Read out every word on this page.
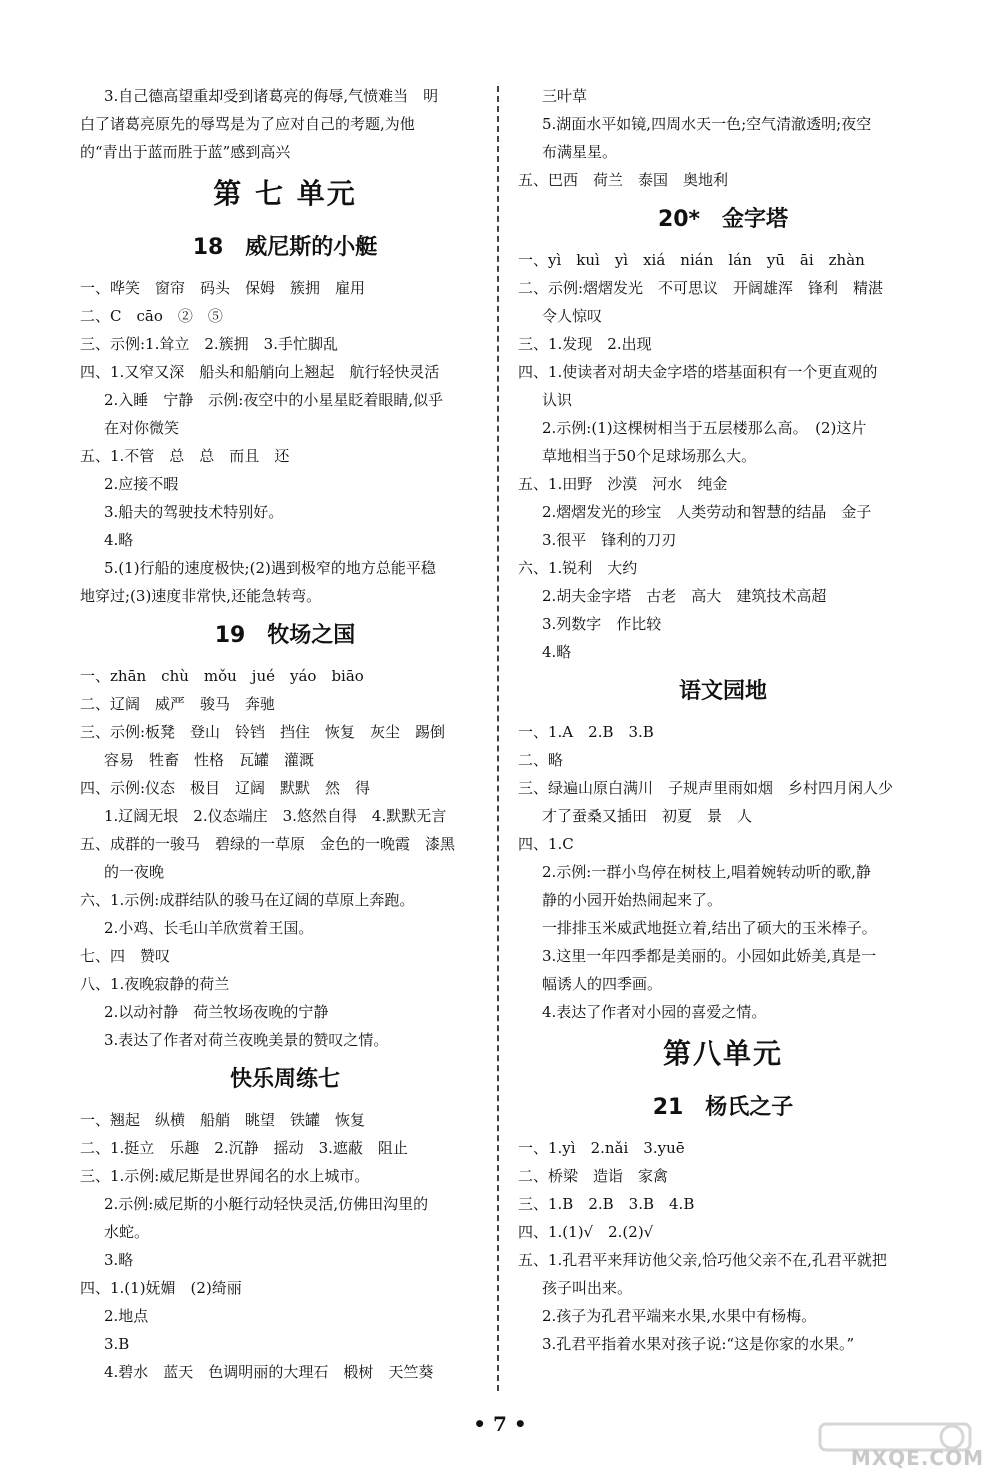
3.自己德高望重却受到诸葛亮的侮辱,气愤难当　明
白了诸葛亮原先的辱骂是为了应对自己的考题,为他
的“青出于蓝而胜于蓝”感到高兴
第 七 单元
18　威尼斯的小艇
一、哗笑　窗帘　码头　保姆　簇拥　雇用
二、C　cāo　②　⑤
三、示例:1.耸立　2.簇拥　3.手忙脚乱
四、1.又窄又深　船头和船艄向上翘起　航行轻快灵活
2.入睡　宁静　示例:夜空中的小星星眨着眼睛,似乎
在对你微笑
五、1.不管　总　总　而且　还
2.应接不暇
3.船夫的驾驶技术特别好。
4.略
5.(1)行船的速度极快;(2)遇到极窄的地方总能平稳
地穿过;(3)速度非常快,还能急转弯。
19　牧场之国
一、zhān　chù　mǒu　jué　yáo　biāo
二、辽阔　威严　骏马　奔驰
三、示例:板凳　登山　铃铛　挡住　恢复　灰尘　踢倒
容易　牲畜　性格　瓦罐　灌溉
四、示例:仪态　极目　辽阔　默默　然　得
1.辽阔无垠　2.仪态端庄　3.悠然自得　4.默默无言
五、成群的一骏马　碧绿的一草原　金色的一晚霞　漆黑
的一夜晚
六、1.示例:成群结队的骏马在辽阔的草原上奔跑。
2.小鸡、长毛山羊欣赏着王国。
七、四　赞叹
八、1.夜晚寂静的荷兰
2.以动衬静　荷兰牧场夜晚的宁静
3.表达了作者对荷兰夜晚美景的赞叹之情。
快乐周练七
一、翘起　纵横　船艄　眺望　铁罐　恢复
二、1.挺立　乐趣　2.沉静　摇动　3.遮蔽　阻止
三、1.示例:威尼斯是世界闻名的水上城市。
2.示例:威尼斯的小艇行动轻快灵活,仿佛田沟里的
水蛇。
3.略
四、1.(1)妩媚　(2)绮丽
2.地点
3.B
4.碧水　蓝天　色调明丽的大理石　椴树　天竺葵
三叶草
5.湖面水平如镜,四周水天一色;空气清澈透明;夜空
布满星星。
五、巴西　荷兰　泰国　奥地利
20*　金字塔
一、yì　kuì　yì　xiá　nián　lán　yū　āi　zhàn
二、示例:熠熠发光　不可思议　开阔雄浑　锋利　精湛
令人惊叹
三、1.发现　2.出现
四、1.使读者对胡夫金字塔的塔基面积有一个更直观的
认识
2.示例:(1)这棵树相当于五层楼那么高。　(2)这片
草地相当于50个足球场那么大。
五、1.田野　沙漠　河水　纯金
2.熠熠发光的珍宝　人类劳动和智慧的结晶　金子
3.很平　锋利的刀刃
六、1.锐利　大约
2.胡夫金字塔　古老　高大　建筑技术高超
3.列数字　作比较
4.略
语文园地
一、1.A　2.B　3.B
二、略
三、绿遍山原白满川　子规声里雨如烟　乡村四月闲人少
才了蚕桑又插田　初夏　景　人
四、1.C
2.示例:一群小鸟停在树枝上,唱着婉转动听的歌,静
静的小园开始热闹起来了。
一排排玉米威武地挺立着,结出了硕大的玉米棒子。
3.这里一年四季都是美丽的。小园如此娇美,真是一
幅诱人的四季画。
4.表达了作者对小园的喜爱之情。
第八单元
21　杨氏之子
一、1.yì　2.nǎi　3.yuē
二、桥梁　造诣　家禽
三、1.B　2.B　3.B　4.B
四、1.(1)√　2.(2)√
五、1.孔君平来拜访他父亲,恰巧他父亲不在,孔君平就把
孩子叫出来。
2.孩子为孔君平端来水果,水果中有杨梅。
3.孔君平指着水果对孩子说:“这是你家的水果。”
• 7 •
MXQE.COM
